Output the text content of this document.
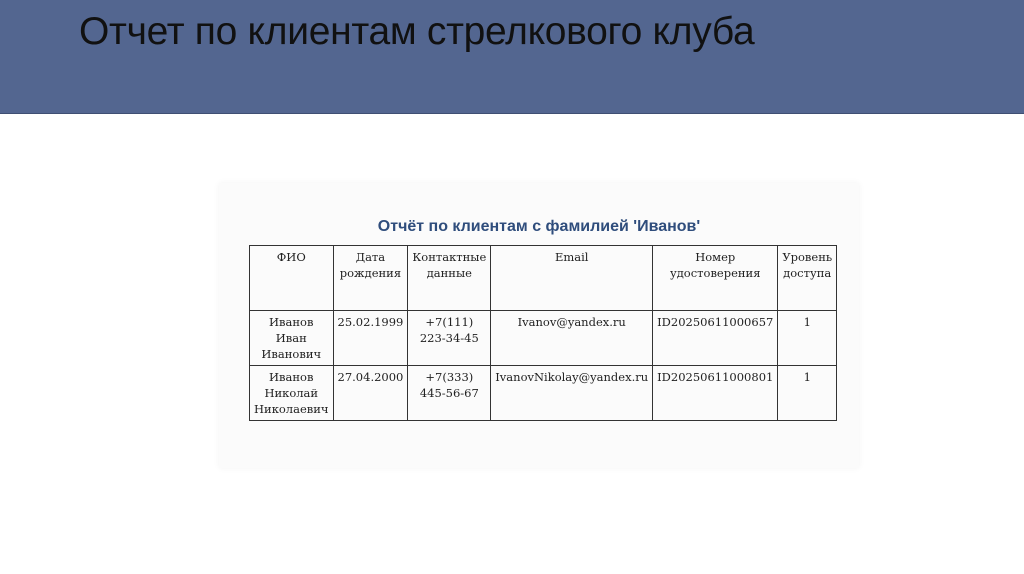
Отчет по клиентам стрелкового клуба
Отчёт по клиентам с фамилией 'Иванов'
ФИО	Дата рождения	Контактные данные	Email	Номер удостоверения	Уровень доступа
Иванов Иван Иванович	25.02.1999	+7(111) 223-34-45	Ivanov@yandex.ru	ID20250611000657	1
Иванов Николай Николаевич	27.04.2000	+7(333) 445-56-67	IvanovNikolay@yandex.ru	ID20250611000801	1
